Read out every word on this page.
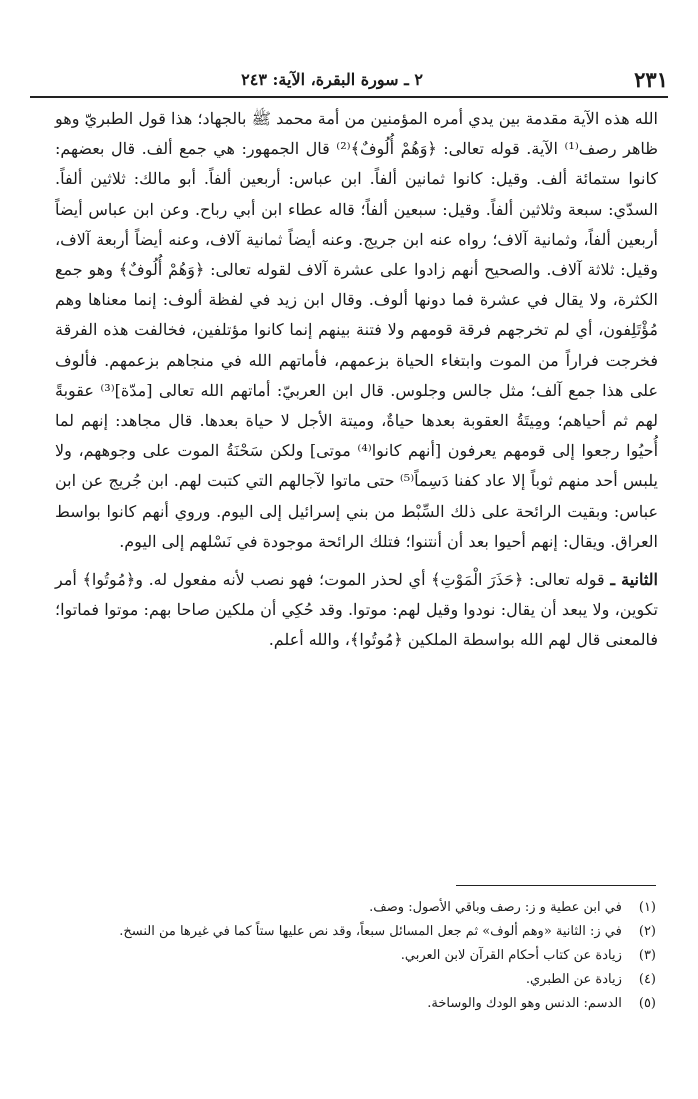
٢٣١
٢ ـ سورة البقرة، الآية: ٢٤٣

الله هذه الآية مقدمة بين يدي أمره المؤمنين من أمة محمد ﷺ بالجهاد؛ هذا قول الطبريّ وهو ظاهر رصف⁽¹⁾ الآية. قوله تعالى: ﴿وَهُمْ أُلُوفٌ﴾⁽²⁾ قال الجمهور: هي جمع ألف. قال بعضهم: كانوا ستمائة ألف. وقيل: كانوا ثمانين ألفاً. ابن عباس: أربعين ألفاً. أبو مالك: ثلاثين ألفاً. السدّي: سبعة وثلاثين ألفاً. وقيل: سبعين ألفاً؛ قاله عطاء ابن أبي رباح. وعن ابن عباس أيضاً أربعين ألفاً، وثمانية آلاف؛ رواه عنه ابن جريج. وعنه أيضاً ثمانية آلاف، وعنه أيضاً أربعة آلاف، وقيل: ثلاثة آلاف. والصحيح أنهم زادوا على عشرة آلاف لقوله تعالى: ﴿وَهُمْ أُلُوفٌ﴾ وهو جمع الكثرة، ولا يقال في عشرة فما دونها ألوف. وقال ابن زيد في لفظة ألوف: إنما معناها وهم مُؤْتَلِفون، أي لم تخرجهم فرقة قومهم ولا فتنة بينهم إنما كانوا مؤتلفين، فخالفت هذه الفرقة فخرجت فراراً من الموت وابتغاء الحياة بزعمهم، فأماتهم الله في منجاهم بزعمهم. فألوف على هذا جمع آلف؛ مثل جالس وجلوس. قال ابن العربيّ: أماتهم الله تعالى [مدّة]⁽³⁾ عقوبةً لهم ثم أحياهم؛ ومِيتَةُ العقوبة بعدها حياةٌ، وميتة الأجل لا حياة بعدها. قال مجاهد: إنهم لما أُحيُوا رجعوا إلى قومهم يعرفون [أنهم كانوا⁽⁴⁾ موتى] ولكن سَحْنَةُ الموت على وجوههم، ولا يلبس أحد منهم ثوباً إلا عاد كفنا دَسِماً⁽⁵⁾ حتى ماتوا لآجالهم التي كتبت لهم. ابن جُريج عن ابن عباس: وبقيت الرائحة على ذلك السِّبْط من بني إسرائيل إلى اليوم. وروي أنهم كانوا بواسط العراق. ويقال: إنهم أحيوا بعد أن أنتنوا؛ فتلك الرائحة موجودة في نَسْلهم إلى اليوم.

الثانية ـ قوله تعالى: ﴿حَذَرَ الْمَوْتِ﴾ أي لحذر الموت؛ فهو نصب لأنه مفعول له. و﴿مُوتُوا﴾ أمر تكوين، ولا يبعد أن يقال: نودوا وقيل لهم: موتوا. وقد حُكِي أن ملكين صاحا بهم: موتوا فماتوا؛ فالمعنى قال لهم الله بواسطة الملكين ﴿مُوتُوا﴾، والله أعلم.

(١) في ابن عطية و ز: رصف وباقي الأصول: وصف.
(٢) في ز: الثانية «وهم ألوف» ثم جعل المسائل سبعاً، وقد نص عليها ستاً كما في غيرها من النسخ.
(٣) زيادة عن كتاب أحكام القرآن لابن العربي.
(٤) زيادة عن الطبري.
(٥) الدسم: الدنس وهو الودك والوساخة.
